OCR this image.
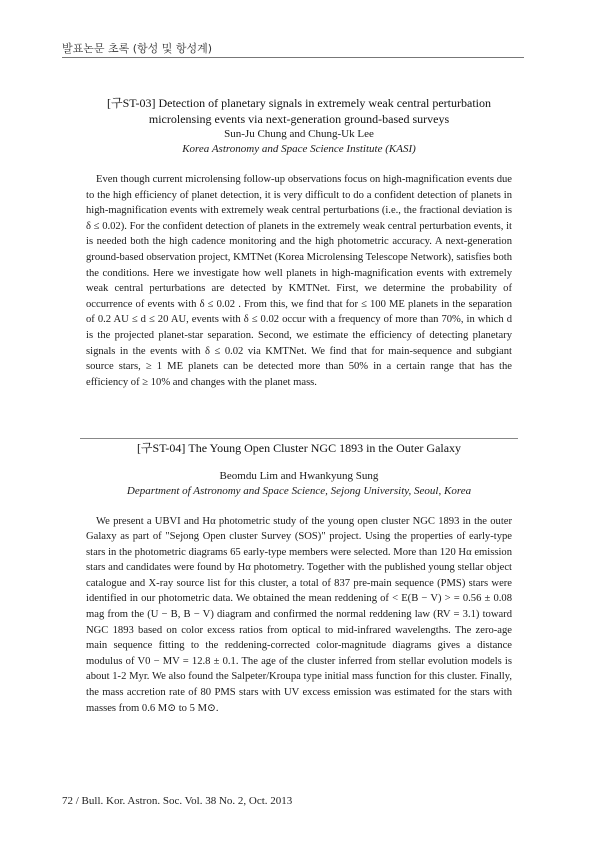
발표논문 초록 (항성 및 항성계)

[구ST-03] Detection of planetary signals in extremely weak central perturbation microlensing events via next-generation ground-based surveys

Sun-Ju Chung and Chung-Uk Lee

Korea Astronomy and Space Science Institute (KASI)

Even though current microlensing follow-up observations focus on high-magnification events due to the high efficiency of planet detection, it is very difficult to do a confident detection of planets in high-magnification events with extremely weak central perturbations (i.e., the fractional deviation is δ ≤ 0.02). For the confident detection of planets in the extremely weak central perturbation events, it is needed both the high cadence monitoring and the high photometric accuracy. A next-generation ground-based observation project, KMTNet (Korea Microlensing Telescope Network), satisfies both the conditions. Here we investigate how well planets in high-magnification events with extremely weak central perturbations are detected by KMTNet. First, we determine the probability of occurrence of events with δ ≤ 0.02 . From this, we find that for ≤ 100 ME planets in the separation of 0.2 AU ≤ d ≤ 20 AU, events with δ ≤ 0.02 occur with a frequency of more than 70%, in which d is the projected planet-star separation. Second, we estimate the efficiency of detecting planetary signals in the events with δ ≤ 0.02 via KMTNet. We find that for main-sequence and subgiant source stars, ≥ 1 ME planets can be detected more than 50% in a certain range that has the efficiency of ≥ 10% and changes with the planet mass.

[구ST-04] The Young Open Cluster NGC 1893 in the Outer Galaxy

Beomdu Lim and Hwankyung Sung

Department of Astronomy and Space Science, Sejong University, Seoul, Korea

We present a UBVI and Hα photometric study of the young open cluster NGC 1893 in the outer Galaxy as part of "Sejong Open cluster Survey (SOS)" project. Using the properties of early-type stars in the photometric diagrams 65 early-type members were selected. More than 120 Hα emission stars and candidates were found by Hα photometry. Together with the published young stellar object catalogue and X-ray source list for this cluster, a total of 837 pre-main sequence (PMS) stars were identified in our photometric data. We obtained the mean reddening of < E(B − V) > = 0.56 ± 0.08 mag from the (U − B, B − V) diagram and confirmed the normal reddening law (RV = 3.1) toward NGC 1893 based on color excess ratios from optical to mid-infrared wavelengths. The zero-age main sequence fitting to the reddening-corrected color-magnitude diagrams gives a distance modulus of V0 − MV = 12.8 ± 0.1. The age of the cluster inferred from stellar evolution models is about 1-2 Myr. We also found the Salpeter/Kroupa type initial mass function for this cluster. Finally, the mass accretion rate of 80 PMS stars with UV excess emission was estimated for the stars with masses from 0.6 M⊙ to 5 M⊙.

72 / Bull. Kor. Astron. Soc. Vol. 38 No. 2, Oct. 2013
